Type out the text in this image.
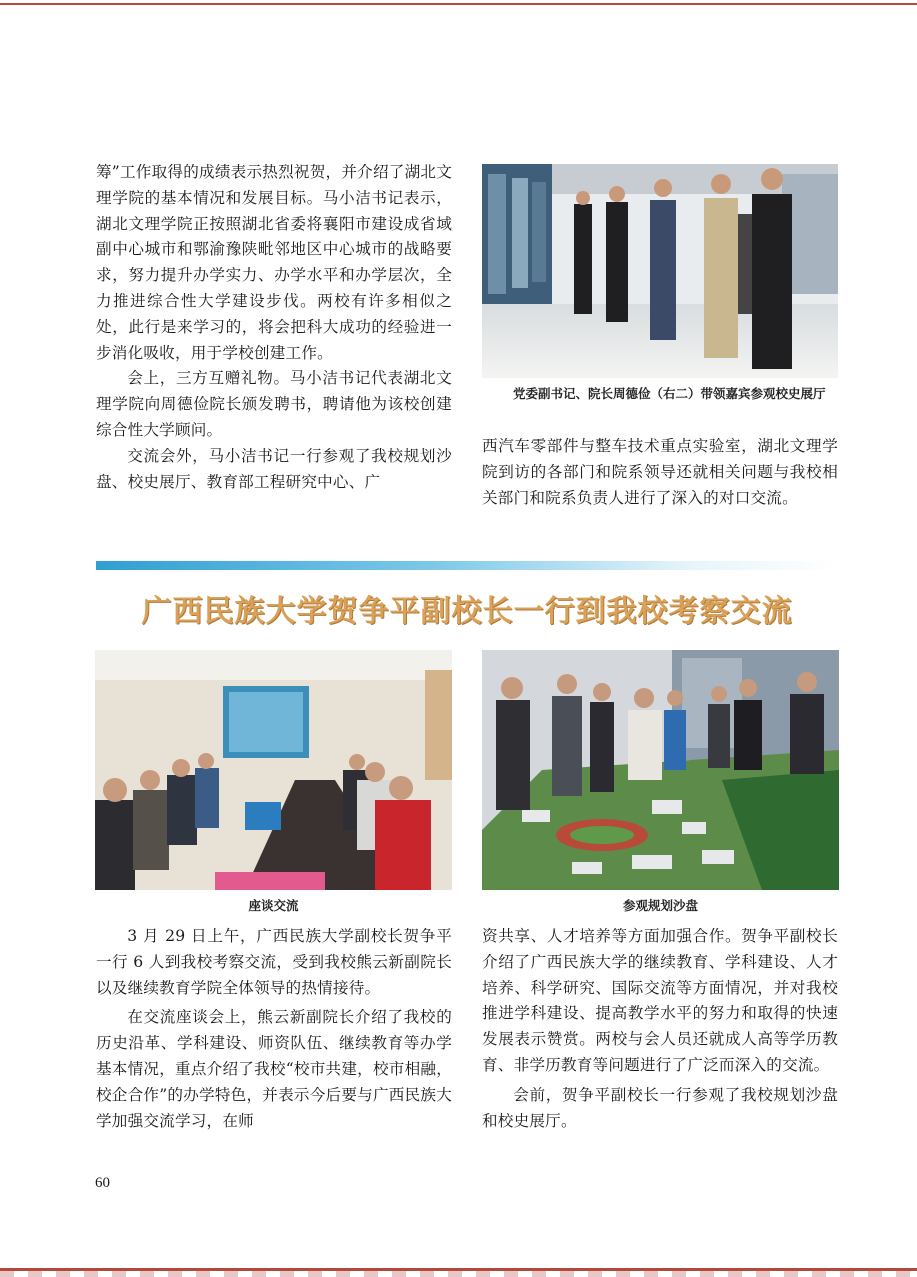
筹”工作取得的成绩表示热烈祝贺，并介绍了湖北文理学院的基本情况和发展目标。马小洁书记表示，湖北文理学院正按照湖北省委将襄阳市建设成省域副中心城市和鄂渝豫陕毗邻地区中心城市的战略要求，努力提升办学实力、办学水平和办学层次，全力推进综合性大学建设步伐。两校有许多相似之处，此行是来学习的，将会把科大成功的经验进一步消化吸收，用于学校创建工作。

会上，三方互赠礼物。马小洁书记代表湖北文理学院向周德俭院长颁发聘书，聘请他为该校创建综合性大学顾问。

交流会外，马小洁书记一行参观了我校规划沙盘、校史展厅、教育部工程研究中心、广

党委副书记、院长周德俭（右二）带领嘉宾参观校史展厅

西汽车零部件与整车技术重点实验室，湖北文理学院到访的各部门和院系领导还就相关问题与我校相关部门和院系负责人进行了深入的对口交流。

广西民族大学贺争平副校长一行到我校考察交流
座谈交流	参观规划沙盘

3 月 29 日上午，广西民族大学副校长贺争平一行 6 人到我校考察交流，受到我校熊云新副院长以及继续教育学院全体领导的热情接待。

在交流座谈会上，熊云新副院长介绍了我校的历史沿革、学科建设、师资队伍、继续教育等办学基本情况，重点介绍了我校“校市共建，校市相融，校企合作”的办学特色，并表示今后要与广西民族大学加强交流学习，在师

资共享、人才培养等方面加强合作。贺争平副校长介绍了广西民族大学的继续教育、学科建设、人才培养、科学研究、国际交流等方面情况，并对我校推进学科建设、提高教学水平的努力和取得的快速发展表示赞赏。两校与会人员还就成人高等学历教育、非学历教育等问题进行了广泛而深入的交流。

会前，贺争平副校长一行参观了我校规划沙盘和校史展厅。

60
